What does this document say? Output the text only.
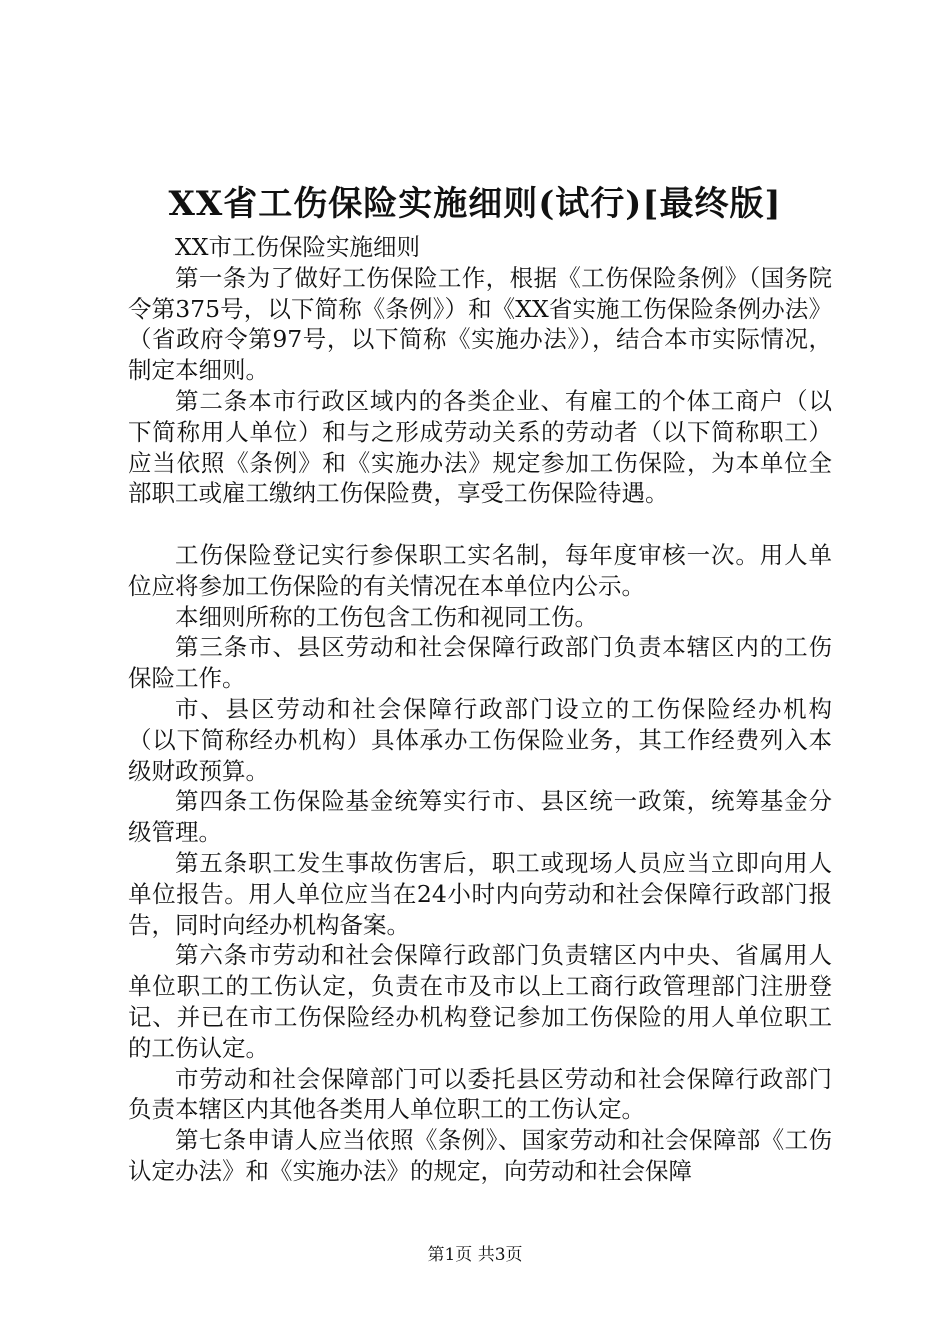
XX省工伤保险实施细则(试行)[最终版]

XX市工伤保险实施细则

第一条为了做好工伤保险工作，根据《工伤保险条例》（国务院令第375号，以下简称《条例》）和《XX省实施工伤保险条例办法》（省政府令第97号，以下简称《实施办法》），结合本市实际情况，制定本细则。

第二条本市行政区域内的各类企业、有雇工的个体工商户（以下简称用人单位）和与之形成劳动关系的劳动者（以下简称职工）应当依照《条例》和《实施办法》规定参加工伤保险，为本单位全部职工或雇工缴纳工伤保险费，享受工伤保险待遇。

工伤保险登记实行参保职工实名制，每年度审核一次。用人单位应将参加工伤保险的有关情况在本单位内公示。

本细则所称的工伤包含工伤和视同工伤。

第三条市、县区劳动和社会保障行政部门负责本辖区内的工伤保险工作。

市、县区劳动和社会保障行政部门设立的工伤保险经办机构（以下简称经办机构）具体承办工伤保险业务，其工作经费列入本级财政预算。

第四条工伤保险基金统筹实行市、县区统一政策，统筹基金分级管理。

第五条职工发生事故伤害后，职工或现场人员应当立即向用人单位报告。用人单位应当在24小时内向劳动和社会保障行政部门报告，同时向经办机构备案。

第六条市劳动和社会保障行政部门负责辖区内中央、省属用人单位职工的工伤认定，负责在市及市以上工商行政管理部门注册登记、并已在市工伤保险经办机构登记参加工伤保险的用人单位职工的工伤认定。

市劳动和社会保障部门可以委托县区劳动和社会保障行政部门负责本辖区内其他各类用人单位职工的工伤认定。

第七条申请人应当依照《条例》、国家劳动和社会保障部《工伤认定办法》和《实施办法》的规定，向劳动和社会保障

第1页 共3页
